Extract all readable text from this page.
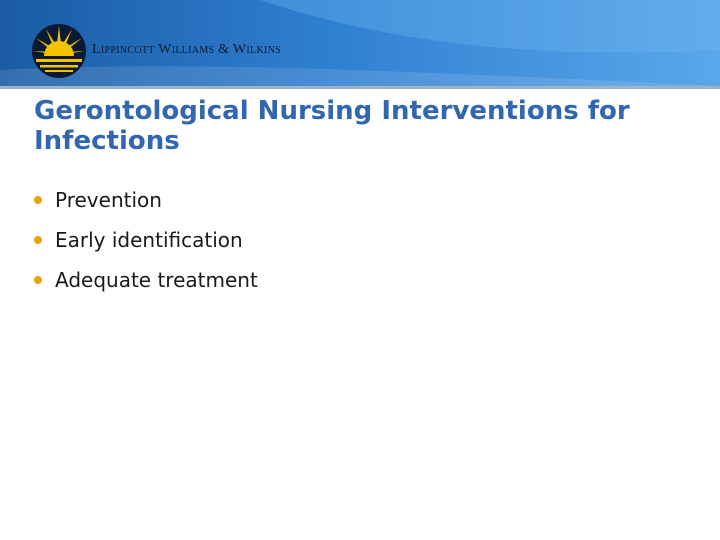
Lippincott Williams & Wilkins
Gerontological Nursing Interventions for Infections
Prevention
Early identification
Adequate treatment
